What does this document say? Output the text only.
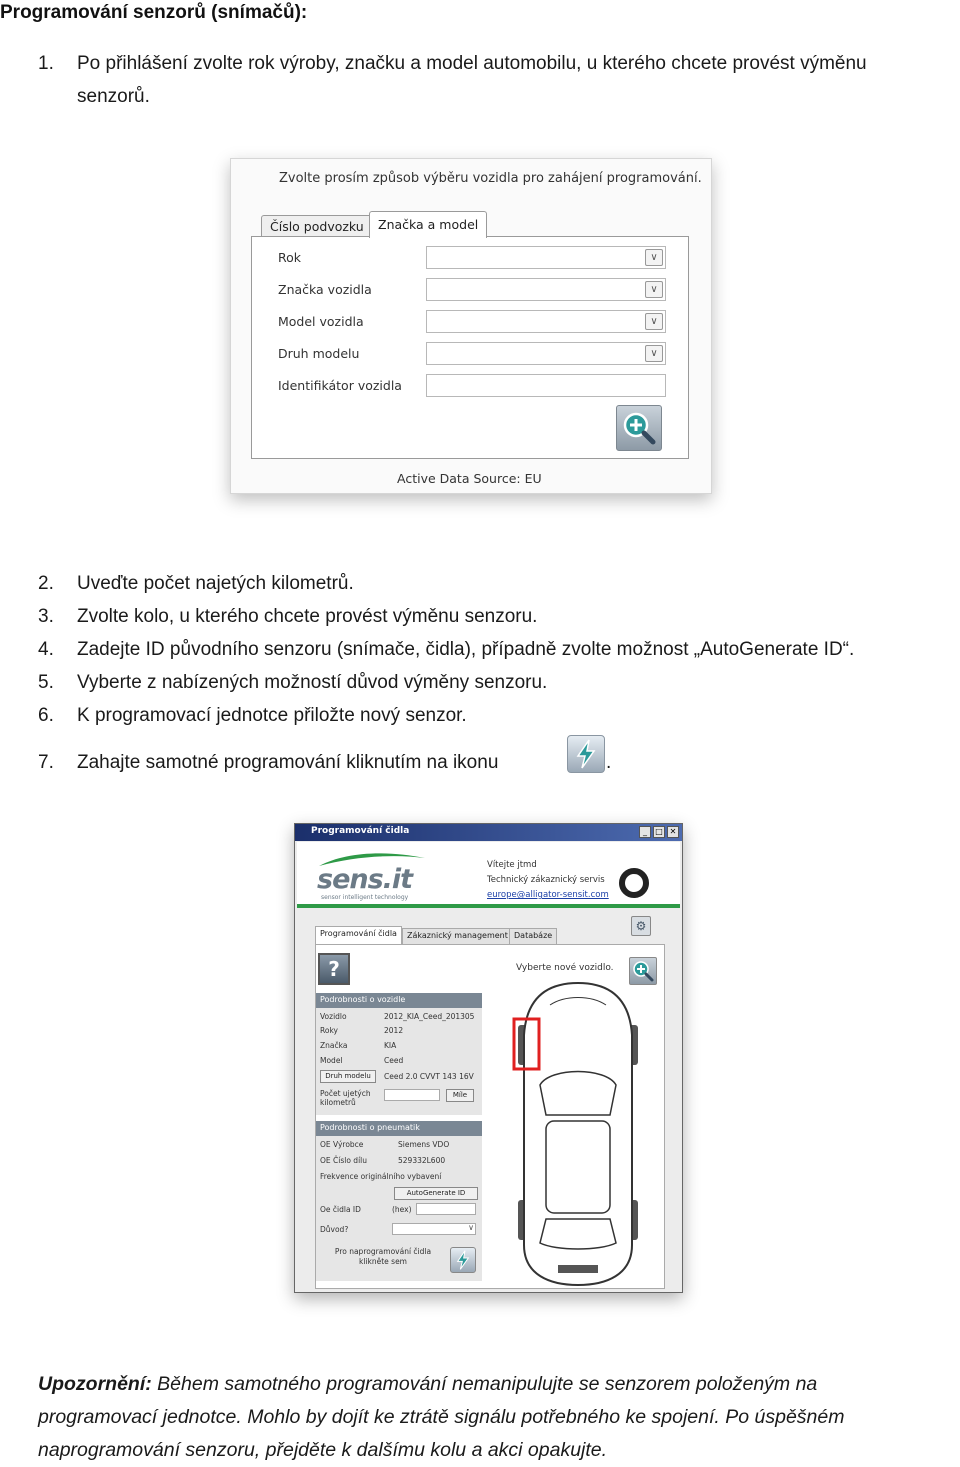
Programování senzorů (snímačů):
1. Po přihlášení zvolte rok výroby, značku a model automobilu, u kterého chcete provést výměnu senzorů.
Zvolte prosím způsob výběru vozidla pro zahájení programování.
Číslo podvozku	Značka a model
Rok	∨
Značka vozidla	∨
Model vozidla	∨
Druh modelu	∨
Identifikátor vozidla
Active Data Source: EU
2. Uveďte počet najetých kilometrů.
3. Zvolte kolo, u kterého chcete provést výměnu senzoru.
4. Zadejte ID původního senzoru (snímače, čidla), případně zvolte možnost „AutoGenerate ID“.
5. Vyberte z nabízených možností důvod výměny senzoru.
6. K programovací jednotce přiložte nový senzor.
7. Zahajte samotné programování kliknutím na ikonu	.
Programování čidla	_	□ ✕
sens.it
sensor intelligent technology
Vítejte jtmd
Technický zákaznický servis
europe@alligator-sensit.com
Programování čidla	Zákaznický management Databáze
⚙
?	Vyberte nové vozidlo.
Podrobnosti o vozidle
Vozidlo	2012_KIA_Ceed_201305
Roky	2012
Značka	KIA
Model	Ceed
Druh modelu	Ceed 2.0 CVVT 143 16V
Počet ujetých kilometrů
Míle
Podrobnosti o pneumatik
OE Výrobce	Siemens VDO
OE Číslo dílu	529332L600
Frekvence originálního vybavení
AutoGenerate ID
Oe čidla ID	(hex)
Důvod?	∨
Pro naprogramování čidla klikněte sem
Upozornění: Během samotného programování nemanipulujte se senzorem položeným na programovací jednotce. Mohlo by dojít ke ztrátě signálu potřebného ke spojení. Po úspěšném naprogramování senzoru, přejděte k dalšímu kolu a akci opakujte.
